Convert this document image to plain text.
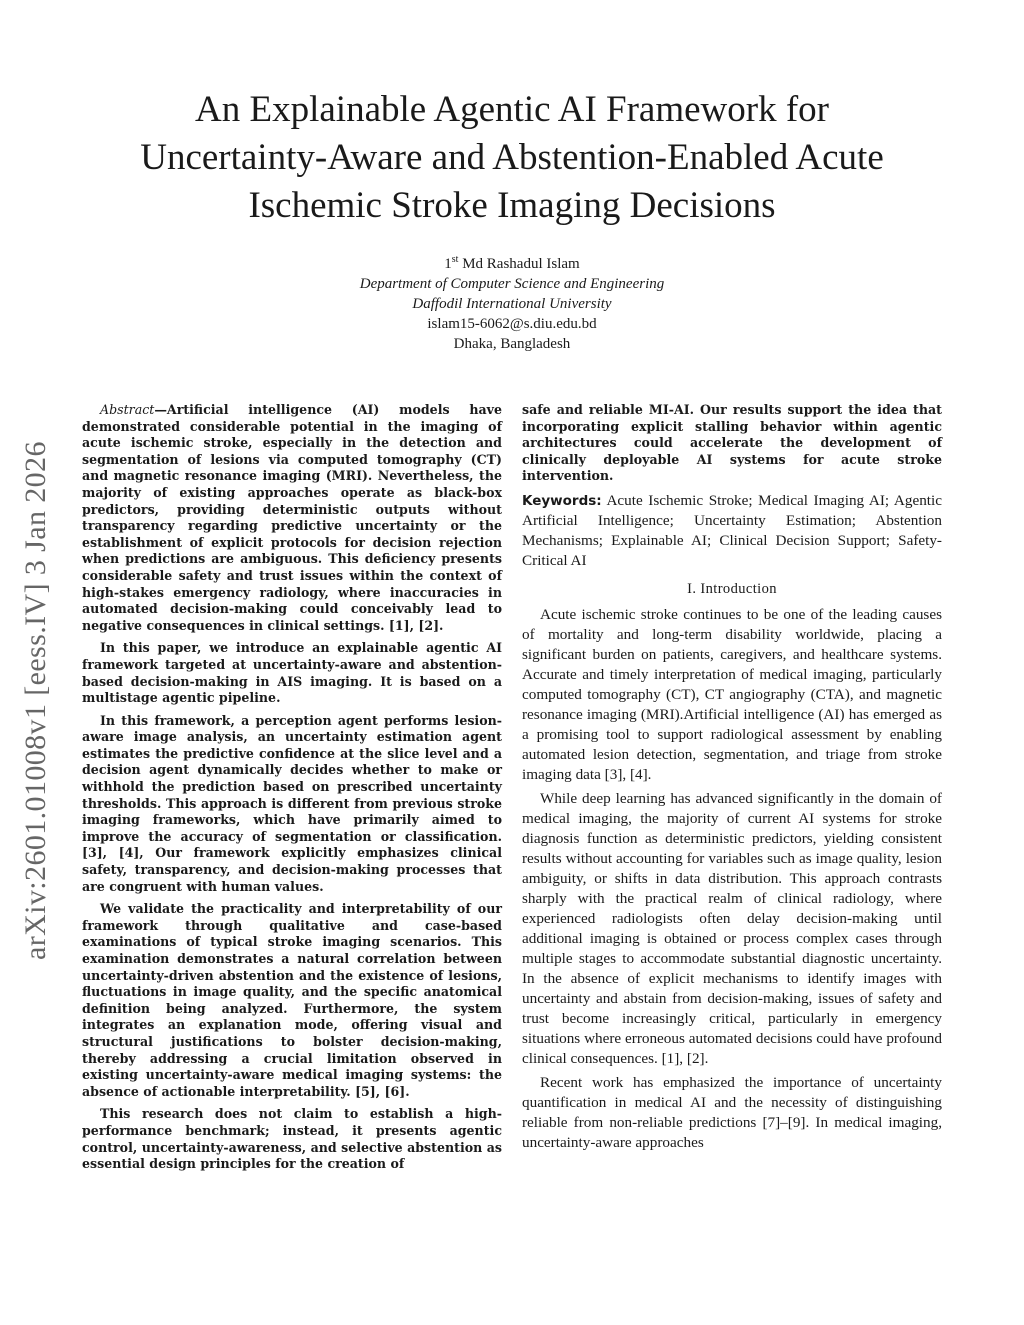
An Explainable Agentic AI Framework for
Uncertainty-Aware and Abstention-Enabled Acute
Ischemic Stroke Imaging Decisions
1st Md Rashadul Islam
Department of Computer Science and Engineering
Daffodil International University
islam15-6062@s.diu.edu.bd
Dhaka, Bangladesh
arXiv:2601.01008v1 [eess.IV] 3 Jan 2026

Abstract—Artificial intelligence (AI) models have demonstrated considerable potential in the imaging of acute ischemic stroke, especially in the detection and segmentation of lesions via computed tomography (CT) and magnetic resonance imaging (MRI). Nevertheless, the majority of existing approaches operate as black-box predictors, providing deterministic outputs without transparency regarding predictive uncertainty or the establishment of explicit protocols for decision rejection when predictions are ambiguous. This deficiency presents considerable safety and trust issues within the context of high-stakes emergency radiology, where inaccuracies in automated decision-making could conceivably lead to negative consequences in clinical settings. [1], [2].

In this paper, we introduce an explainable agentic AI framework targeted at uncertainty-aware and abstention-based decision-making in AIS imaging. It is based on a multistage agentic pipeline.

In this framework, a perception agent performs lesion-aware image analysis, an uncertainty estimation agent estimates the predictive confidence at the slice level and a decision agent dynamically decides whether to make or withhold the prediction based on prescribed uncertainty thresholds. This approach is different from previous stroke imaging frameworks, which have primarily aimed to improve the accuracy of segmentation or classification. [3], [4], Our framework explicitly emphasizes clinical safety, transparency, and decision-making processes that are congruent with human values.

We validate the practicality and interpretability of our framework through qualitative and case-based examinations of typical stroke imaging scenarios. This examination demonstrates a natural correlation between uncertainty-driven abstention and the existence of lesions, fluctuations in image quality, and the specific anatomical definition being analyzed. Furthermore, the system integrates an explanation mode, offering visual and structural justifications to bolster decision-making, thereby addressing a crucial limitation observed in existing uncertainty-aware medical imaging systems: the absence of actionable interpretability. [5], [6].

This research does not claim to establish a high-performance benchmark; instead, it presents agentic control, uncertainty-awareness, and selective abstention as essential design principles for the creation of

safe and reliable MI-AI. Our results support the idea that incorporating explicit stalling behavior within agentic architectures could accelerate the development of clinically deployable AI systems for acute stroke intervention.

Keywords: Acute Ischemic Stroke; Medical Imaging AI; Agentic Artificial Intelligence; Uncertainty Estimation; Abstention Mechanisms; Explainable AI; Clinical Decision Support; Safety-Critical AI

I. Introduction

Acute ischemic stroke continues to be one of the leading causes of mortality and long-term disability worldwide, placing a significant burden on patients, caregivers, and healthcare systems. Accurate and timely interpretation of medical imaging, particularly computed tomography (CT), CT angiography (CTA), and magnetic resonance imaging (MRI).Artificial intelligence (AI) has emerged as a promising tool to support radiological assessment by enabling automated lesion detection, segmentation, and triage from stroke imaging data [3], [4].

While deep learning has advanced significantly in the domain of medical imaging, the majority of current AI systems for stroke diagnosis function as deterministic predictors, yielding consistent results without accounting for variables such as image quality, lesion ambiguity, or shifts in data distribution. This approach contrasts sharply with the practical realm of clinical radiology, where experienced radiologists often delay decision-making until additional imaging is obtained or process complex cases through multiple stages to accommodate substantial diagnostic uncertainty. In the absence of explicit mechanisms to identify images with uncertainty and abstain from decision-making, issues of safety and trust become increasingly critical, particularly in emergency situations where erroneous automated decisions could have profound clinical consequences. [1], [2].

Recent work has emphasized the importance of uncertainty quantification in medical AI and the necessity of distinguishing reliable from non-reliable predictions [7]–[9]. In medical imaging, uncertainty-aware approaches
